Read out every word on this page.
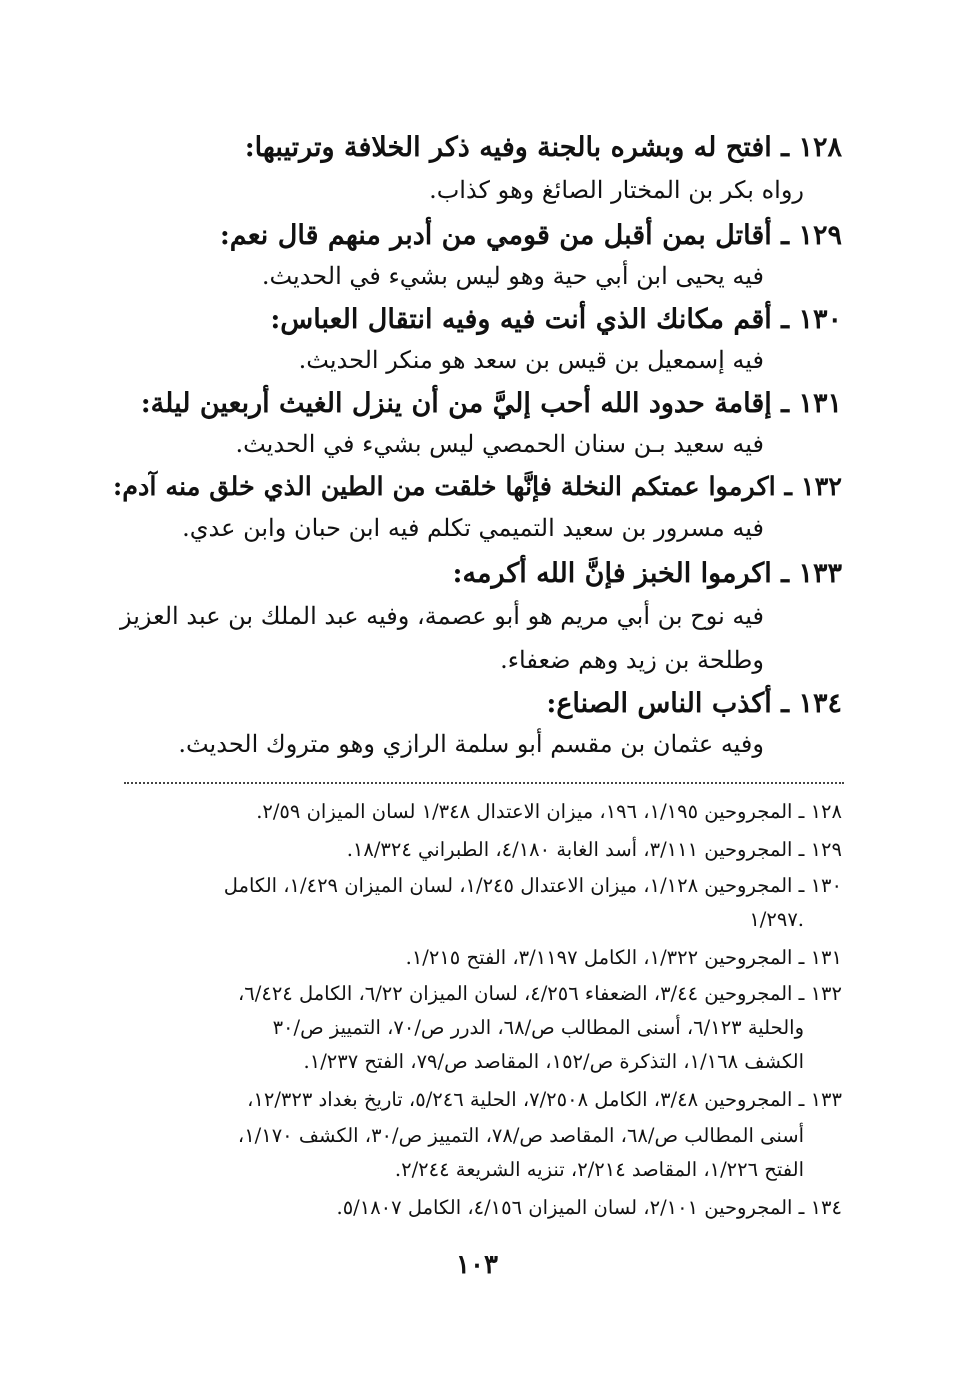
١٢٨ ـ افتح له وبشره بالجنة وفيه ذكر الخلافة وترتيبها:
رواه بكر بن المختار الصائغ وهو كذاب.
١٢٩ ـ أقاتل بمن أقبل من قومي من أدبر منهم قال نعم:
فيه يحيى ابن أبي حية وهو ليس بشيء في الحديث.
١٣٠ ـ أقم مكانك الذي أنت فيه وفيه انتقال العباس:
فيه إسمعيل بن قيس بن سعد هو منكر الحديث.
١٣١ ـ إقامة حدود الله أحب إليَّ من أن ينزل الغيث أربعين ليلة:
فيه سعيد بـن سنان الحمصي ليس بشيء في الحديث.
١٣٢ ـ اكرموا عمتكم النخلة فإنَّها خلقت من الطين الذي خلق منه آدم:
فيه مسرور بن سعيد التميمي تكلم فيه ابن حبان وابن عدي.
١٣٣ ـ اكرموا الخبز فإنَّ الله أكرمه:
فيه نوح بن أبي مريم هو أبو عصمة، وفيه عبد الملك بن عبد العزيز
وطلحة بن زيد وهم ضعفاء.
١٣٤ ـ أكذب الناس الصناع:
وفيه عثمان بن مقسم أبو سلمة الرازي وهو متروك الحديث.
١٢٨ ـ المجروحين ١/١٩٥، ١٩٦، ميزان الاعتدال ١/٣٤٨ لسان الميزان ٢/٥٩.
١٢٩ ـ المجروحين ٣/١١١، أسد الغابة ٤/١٨٠، الطبراني ١٨/٣٢٤.
١٣٠ ـ المجروحين ١/١٢٨، ميزان الاعتدال ١/٢٤٥، لسان الميزان ١/٤٢٩، الكامل
١/٢٩٧.
١٣١ ـ المجروحين ١/٣٢٢، الكامل ٣/١١٩٧، الفتح ١/٢١٥.
١٣٢ ـ المجروحين ٣/٤٤، الضعفاء ٤/٢٥٦، لسان الميزان ٦/٢٢، الكامل ٦/٤٢٤،
والحلية ٦/١٢٣، أسنى المطالب ص/٦٨، الدرر ص/٧٠، التمييز ص/٣٠
الكشف ١/١٦٨، التذكرة ص/١٥٢، المقاصد ص/٧٩، الفتح ١/٢٣٧.
١٣٣ ـ المجروحين ٣/٤٨، الكامل ٧/٢٥٠٨، الحلية ٥/٢٤٦، تاريخ بغداد ١٢/٣٢٣،
أسنى المطالب ص/٦٨، المقاصد ص/٧٨، التمييز ص/٣٠، الكشف ١/١٧٠،
الفتح ١/٢٢٦، المقاصد ٢/٢١٤، تنزيه الشريعة ٢/٢٤٤.
١٣٤ ـ المجروحين ٢/١٠١، لسان الميزان ٤/١٥٦، الكامل ٥/١٨٠٧.
١٠٣
